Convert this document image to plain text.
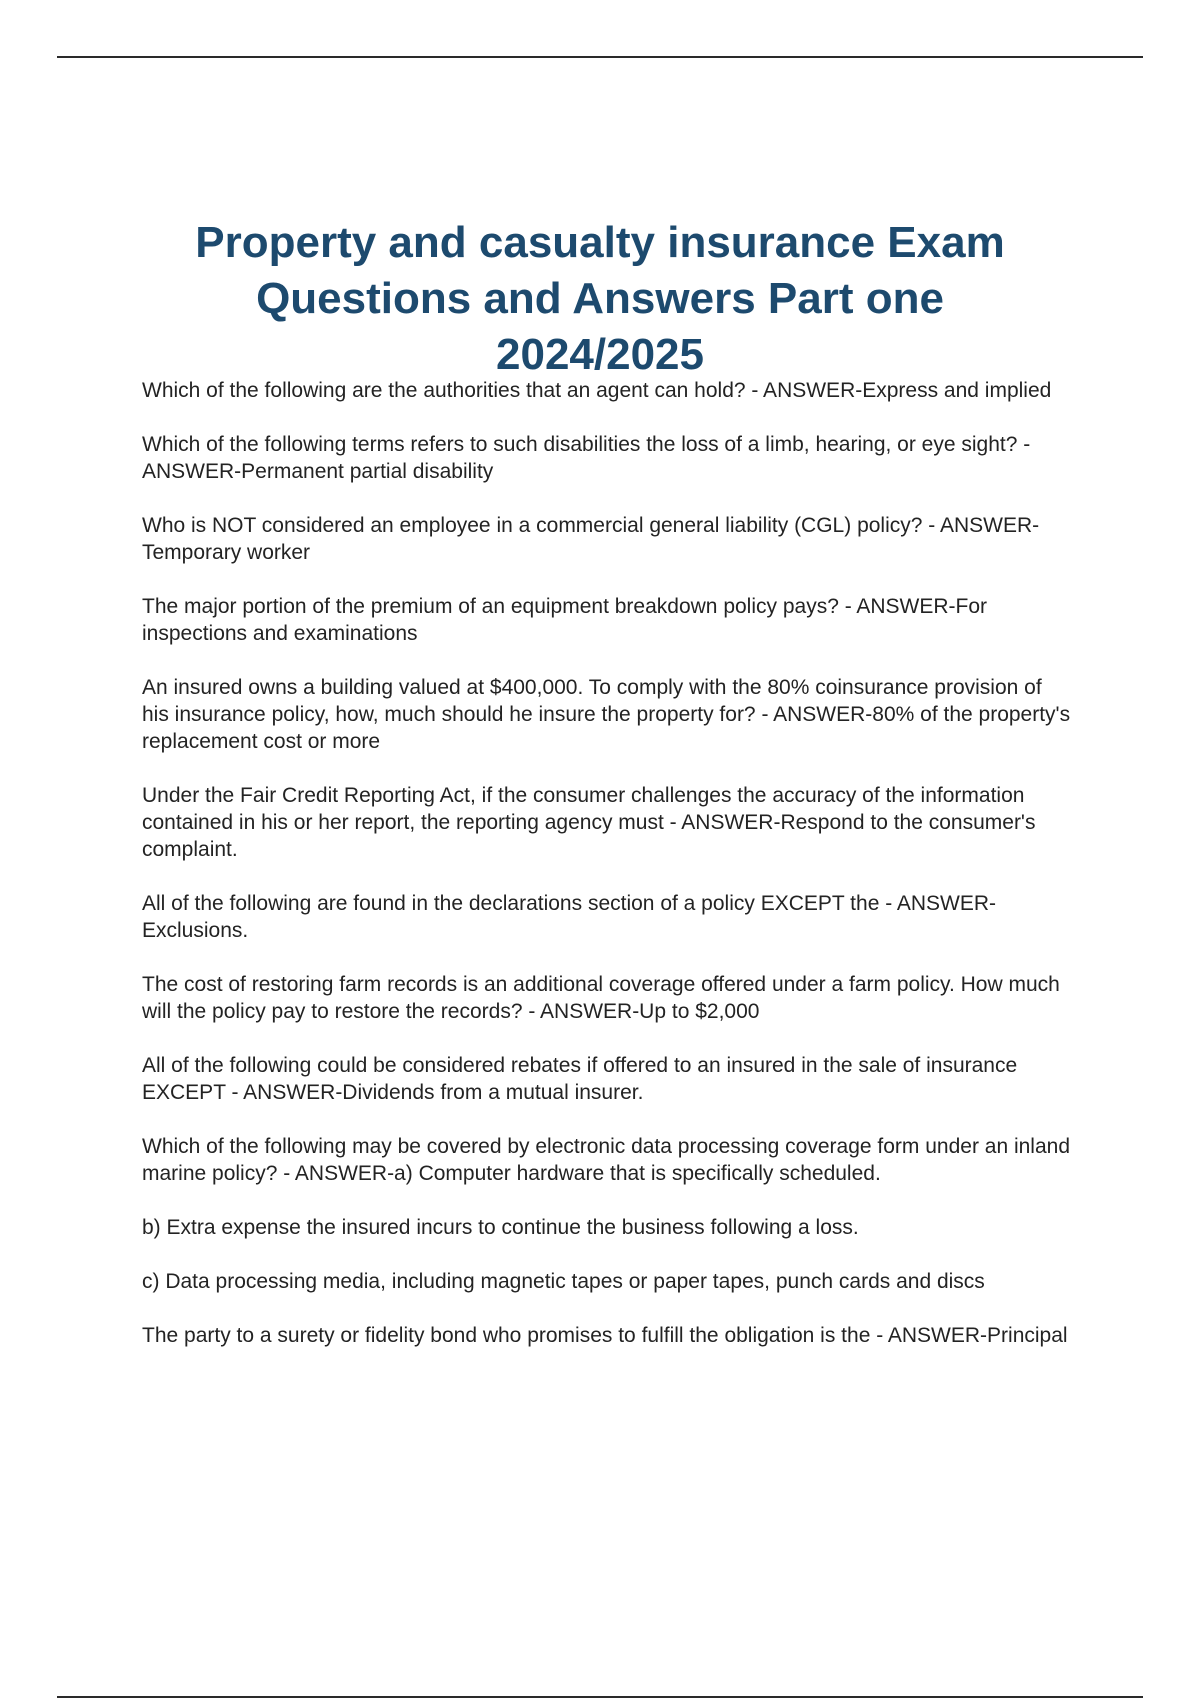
Property and casualty insurance Exam
Questions and Answers Part one
2024/2025
Which of the following are the authorities that an agent can hold? - ANSWER-Express and implied
Which of the following terms refers to such disabilities the loss of a limb, hearing, or eye sight? - ANSWER-Permanent partial disability
Who is NOT considered an employee in a commercial general liability (CGL) policy? - ANSWER-Temporary worker
The major portion of the premium of an equipment breakdown policy pays? - ANSWER-For inspections and examinations
An insured owns a building valued at $400,000. To comply with the 80% coinsurance provision of his insurance policy, how, much should he insure the property for? - ANSWER-80% of the property's replacement cost or more
Under the Fair Credit Reporting Act, if the consumer challenges the accuracy of the information contained in his or her report, the reporting agency must - ANSWER-Respond to the consumer's complaint.
All of the following are found in the declarations section of a policy EXCEPT the - ANSWER-Exclusions.
The cost of restoring farm records is an additional coverage offered under a farm policy. How much will the policy pay to restore the records? - ANSWER-Up to $2,000
All of the following could be considered rebates if offered to an insured in the sale of insurance EXCEPT - ANSWER-Dividends from a mutual insurer.
Which of the following may be covered by electronic data processing coverage form under an inland marine policy? - ANSWER-a) Computer hardware that is specifically scheduled.
b) Extra expense the insured incurs to continue the business following a loss.
c) Data processing media, including magnetic tapes or paper tapes, punch cards and discs
The party to a surety or fidelity bond who promises to fulfill the obligation is the - ANSWER-Principal
